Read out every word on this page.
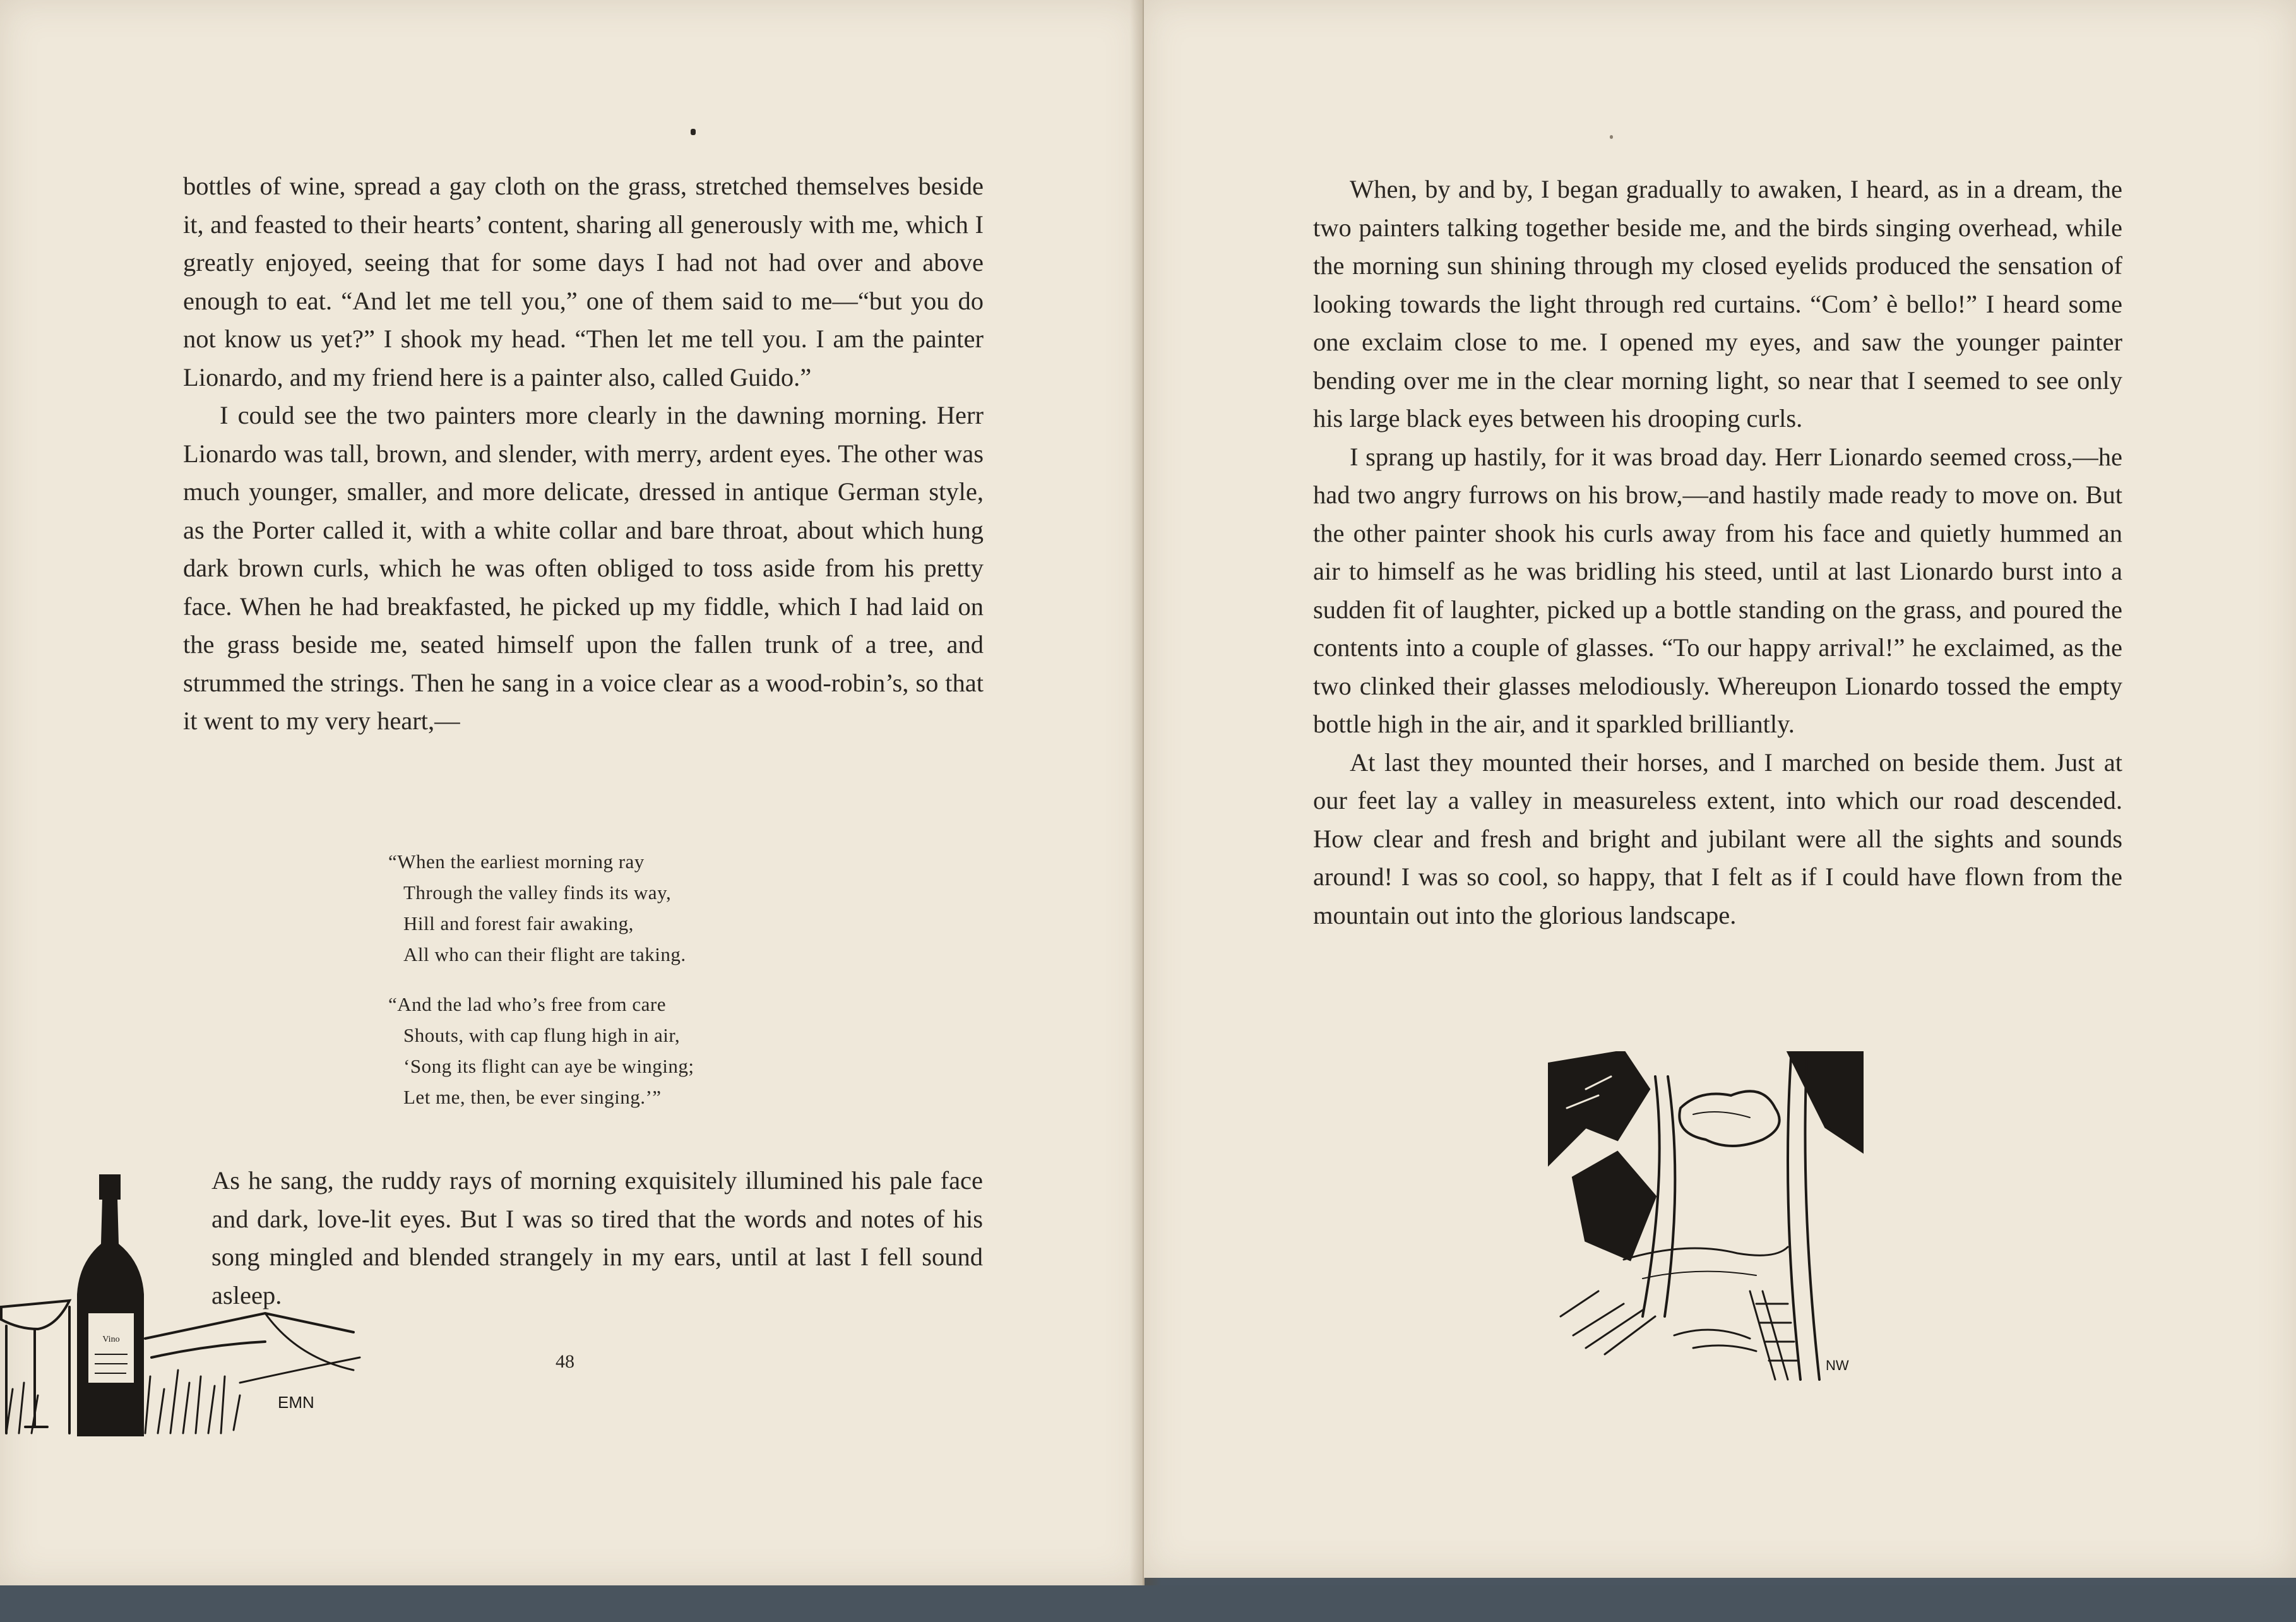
bottles of wine, spread a gay cloth on the grass, stretched themselves beside it, and feasted to their hearts’ content, sharing all generously with me, which I greatly enjoyed, seeing that for some days I had not had over and above enough to eat. “And let me tell you,” one of them said to me—“but you do not know us yet?” I shook my head. “Then let me tell you. I am the painter Lionardo, and my friend here is a painter also, called Guido.”

I could see the two painters more clearly in the dawning morning. Herr Lionardo was tall, brown, and slender, with merry, ardent eyes. The other was much younger, smaller, and more delicate, dressed in antique German style, as the Porter called it, with a white collar and bare throat, about which hung dark brown curls, which he was often obliged to toss aside from his pretty face. When he had breakfasted, he picked up my fiddle, which I had laid on the grass beside me, seated himself upon the fallen trunk of a tree, and strummed the strings. Then he sang in a voice clear as a wood-robin’s, so that it went to my very heart,—

“When the earliest morning ray
Through the valley finds its way,
Hill and forest fair awaking,
All who can their flight are taking.
“And the lad who’s free from care
Shouts, with cap flung high in air,
‘Song its flight can aye be winging;
Let me, then, be ever singing.’”

As he sang, the ruddy rays of morning exquisitely illumined his pale face and dark, love-lit eyes. But I was so tired that the words and notes of his song mingled and blended strangely in my ears, until at last I fell sound asleep.

48
Vino
EMN

When, by and by, I began gradually to awaken, I heard, as in a dream, the two painters talking together beside me, and the birds singing overhead, while the morning sun shining through my closed eyelids produced the sensation of looking towards the light through red curtains. “Com’ è bello!” I heard some one exclaim close to me. I opened my eyes, and saw the younger painter bending over me in the clear morning light, so near that I seemed to see only his large black eyes between his drooping curls.

I sprang up hastily, for it was broad day. Herr Lionardo seemed cross,—he had two angry furrows on his brow,—and hastily made ready to move on. But the other painter shook his curls away from his face and quietly hummed an air to himself as he was bridling his steed, until at last Lionardo burst into a sudden fit of laughter, picked up a bottle standing on the grass, and poured the contents into a couple of glasses. “To our happy arrival!” he exclaimed, as the two clinked their glasses melodiously. Whereupon Lionardo tossed the empty bottle high in the air, and it sparkled brilliantly.

At last they mounted their horses, and I marched on beside them. Just at our feet lay a valley in measureless extent, into which our road descended. How clear and fresh and bright and jubilant were all the sights and sounds around! I was so cool, so happy, that I felt as if I could have flown from the mountain out into the glorious landscape.

NW
